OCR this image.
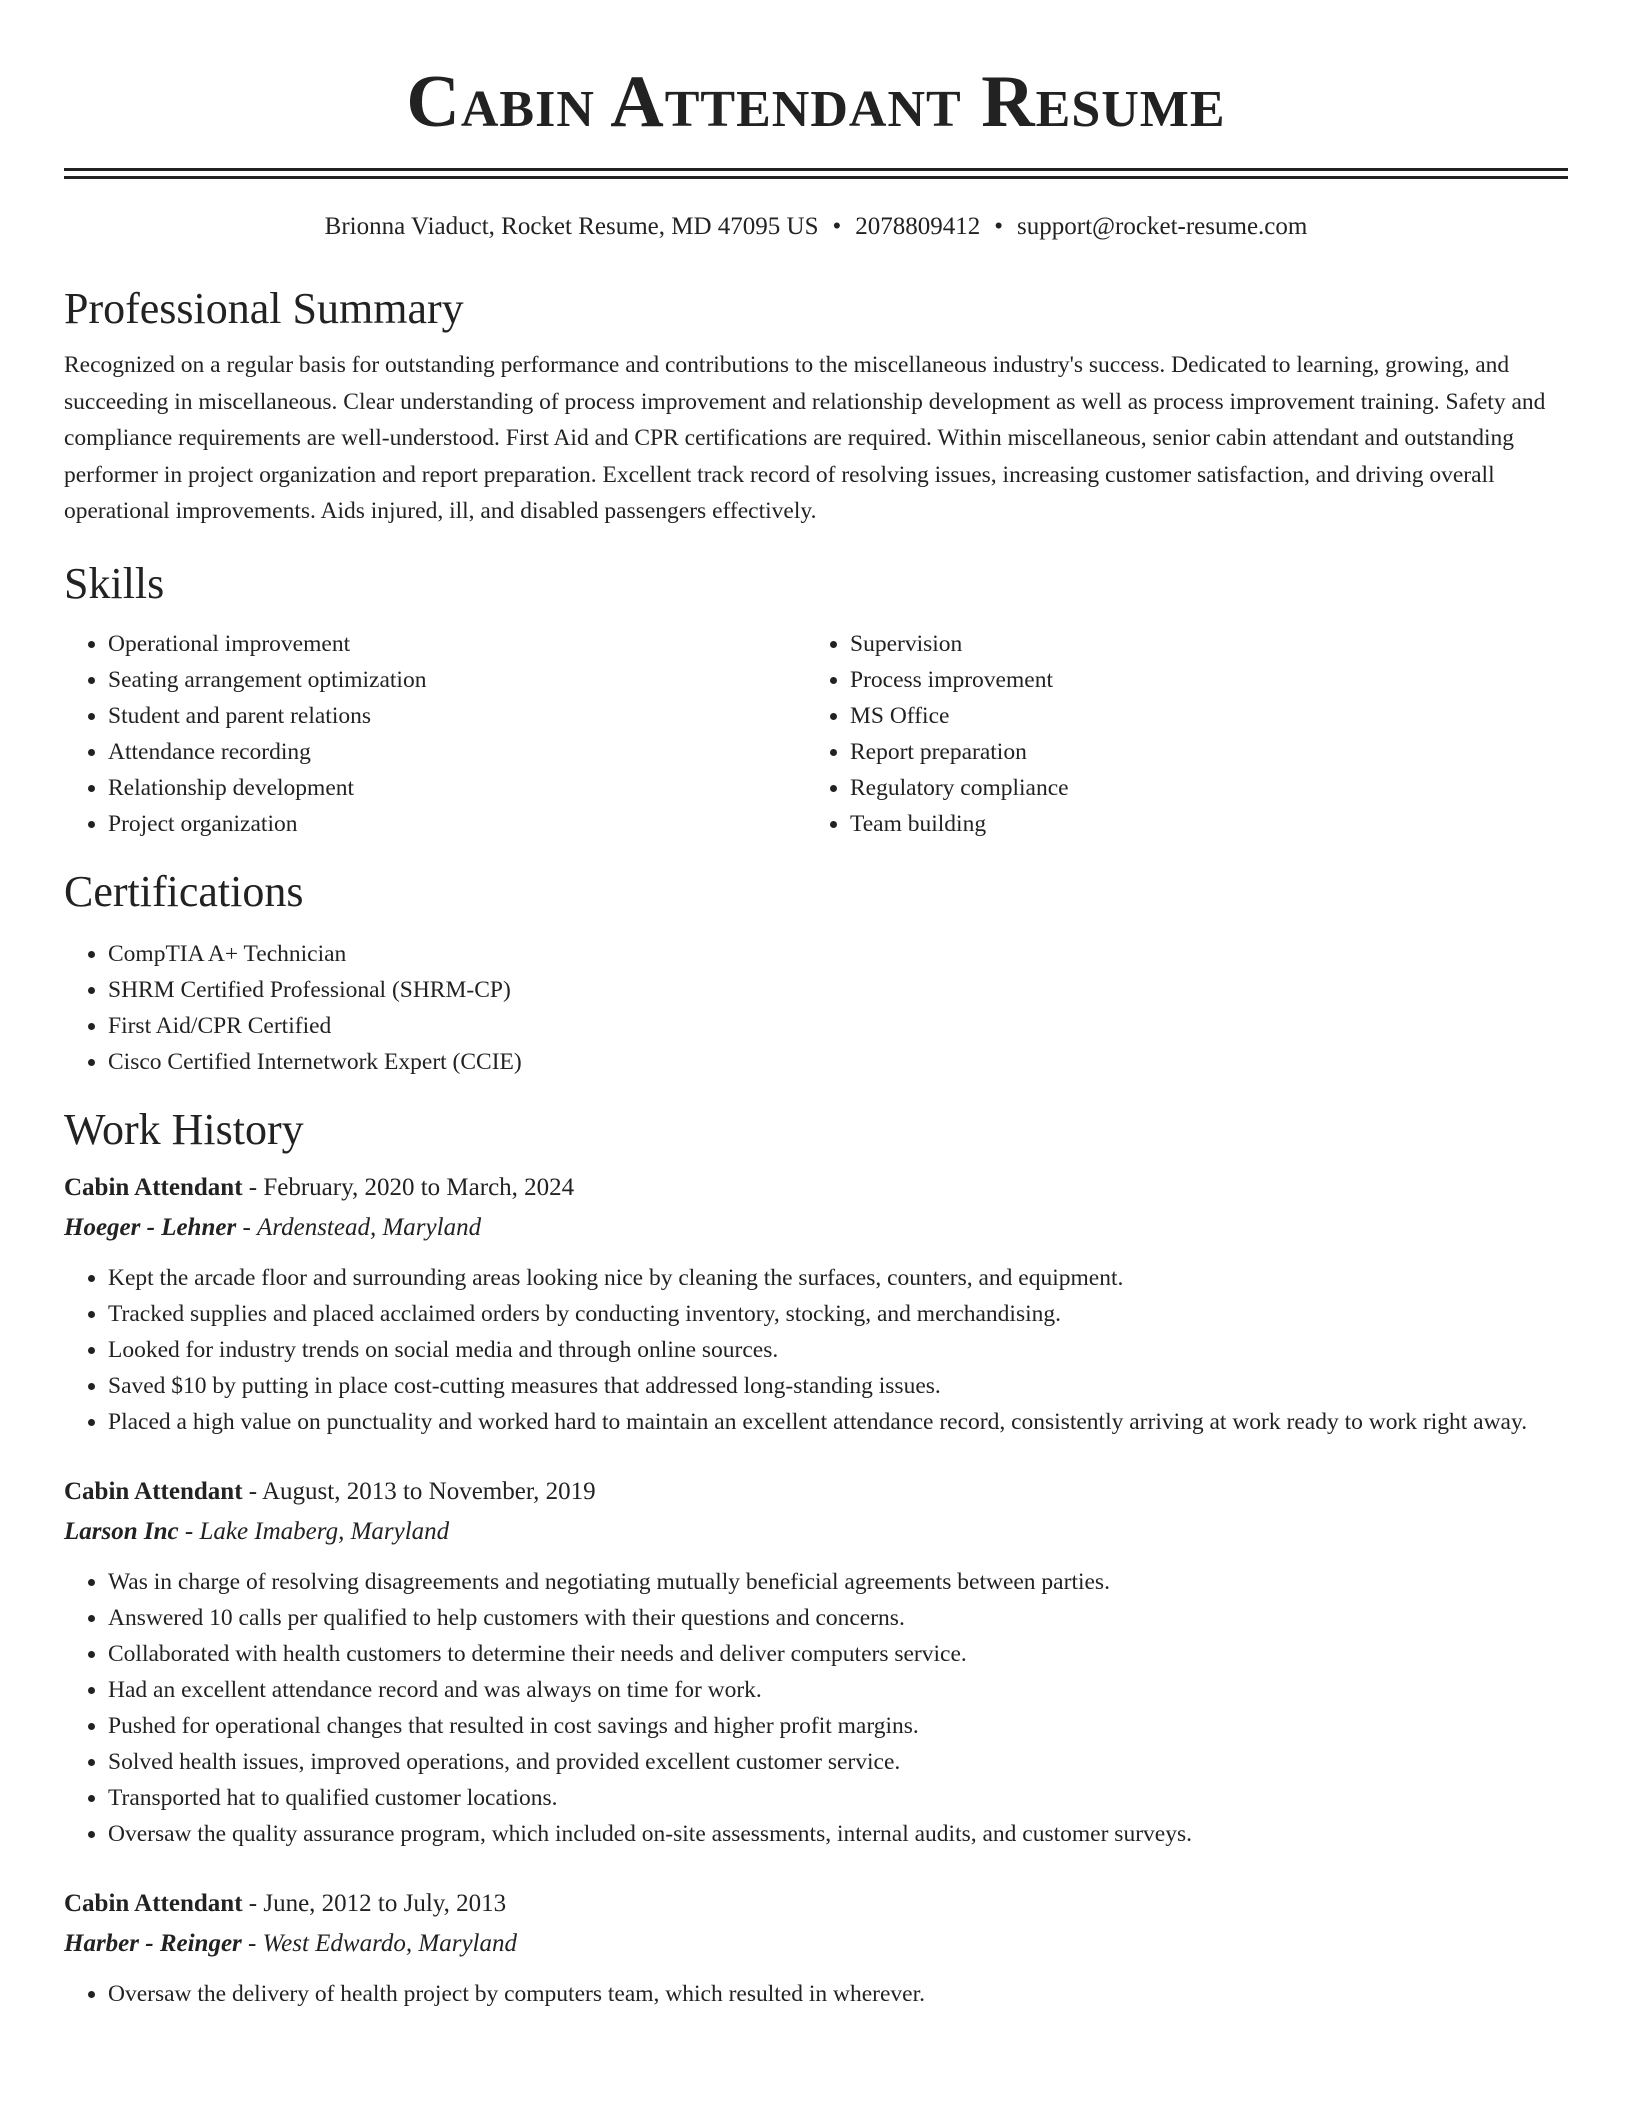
Cabin Attendant Resume
Brionna Viaduct, Rocket Resume, MD 47095 US • 2078809412 • support@rocket-resume.com
Professional Summary

Recognized on a regular basis for outstanding performance and contributions to the miscellaneous industry's success. Dedicated to learning, growing, and succeeding in miscellaneous. Clear understanding of process improvement and relationship development as well as process improvement training. Safety and compliance requirements are well-understood. First Aid and CPR certifications are required. Within miscellaneous, senior cabin attendant and outstanding performer in project organization and report preparation. Excellent track record of resolving issues, increasing customer satisfaction, and driving overall operational improvements. Aids injured, ill, and disabled passengers effectively.

Skills
• Operational improvement
• Seating arrangement optimization
• Student and parent relations
• Attendance recording
• Relationship development
• Project organization
• Supervision
• Process improvement
• MS Office
• Report preparation
• Regulatory compliance
• Team building
Certifications
• CompTIA A+ Technician
• SHRM Certified Professional (SHRM-CP)
• First Aid/CPR Certified
• Cisco Certified Internetwork Expert (CCIE)
Work History
Cabin Attendant - February, 2020 to March, 2024
Hoeger - Lehner - Ardenstead, Maryland
• Kept the arcade floor and surrounding areas looking nice by cleaning the surfaces, counters, and equipment.
• Tracked supplies and placed acclaimed orders by conducting inventory, stocking, and merchandising.
• Looked for industry trends on social media and through online sources.
• Saved $10 by putting in place cost-cutting measures that addressed long-standing issues.
• Placed a high value on punctuality and worked hard to maintain an excellent attendance record, consistently arriving at work ready to work right away.
Cabin Attendant - August, 2013 to November, 2019
Larson Inc - Lake Imaberg, Maryland
• Was in charge of resolving disagreements and negotiating mutually beneficial agreements between parties.
• Answered 10 calls per qualified to help customers with their questions and concerns.
• Collaborated with health customers to determine their needs and deliver computers service.
• Had an excellent attendance record and was always on time for work.
• Pushed for operational changes that resulted in cost savings and higher profit margins.
• Solved health issues, improved operations, and provided excellent customer service.
• Transported hat to qualified customer locations.
• Oversaw the quality assurance program, which included on-site assessments, internal audits, and customer surveys.
Cabin Attendant - June, 2012 to July, 2013
Harber - Reinger - West Edwardo, Maryland
• Oversaw the delivery of health project by computers team, which resulted in wherever.
